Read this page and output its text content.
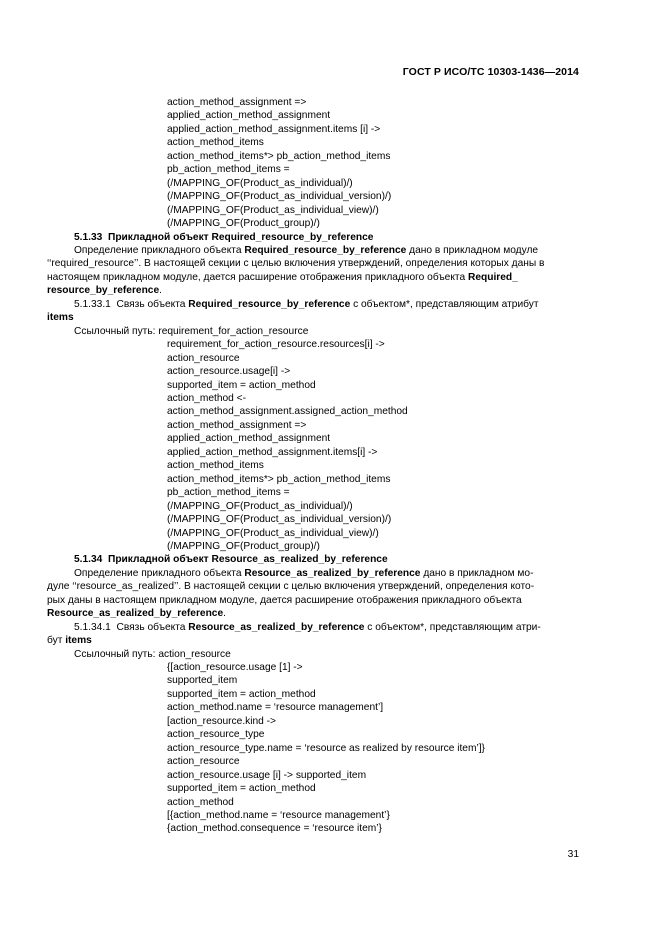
ГОСТ Р ИСО/ТС 10303-1436—2014
action_method_assignment =>
applied_action_method_assignment
applied_action_method_assignment.items [i] ->
action_method_items
action_method_items*> pb_action_method_items
pb_action_method_items =
(/MAPPING_OF(Product_as_individual)/)
(/MAPPING_OF(Product_as_individual_version)/)
(/MAPPING_OF(Product_as_individual_view)/)
(/MAPPING_OF(Product_group)/)
5.1.33 Прикладной объект Required_resource_by_reference
Определение прикладного объекта Required_resource_by_reference дано в прикладном модуле
‘‘required_resource’’. В настоящей секции с целью включения утверждений, определения которых даны в
настоящем прикладном модуле, дается расширение отображения прикладного объекта Required_
resource_by_reference.
5.1.33.1 Связь объекта Required_resource_by_reference с объектом*, представляющим атрибут
items
Ссылочный путь: requirement_for_action_resource
requirement_for_action_resource.resources[i] ->
action_resource
action_resource.usage[i] ->
supported_item = action_method
action_method <-
action_method_assignment.assigned_action_method
action_method_assignment =>
applied_action_method_assignment
applied_action_method_assignment.items[i] ->
action_method_items
action_method_items*> pb_action_method_items
pb_action_method_items =
(/MAPPING_OF(Product_as_individual)/)
(/MAPPING_OF(Product_as_individual_version)/)
(/MAPPING_OF(Product_as_individual_view)/)
(/MAPPING_OF(Product_group)/)
5.1.34 Прикладной объект Resource_as_realized_by_reference
Определение прикладного объекта Resource_as_realized_by_reference дано в прикладном мо-
дуле ‘‘resource_as_realized’’. В настоящей секции с целью включения утверждений, определения кото-
рых даны в настоящем прикладном модуле, дается расширение отображения прикладного объекта
Resource_as_realized_by_reference.
5.1.34.1 Связь объекта Resource_as_realized_by_reference с объектом*, представляющим атри-
бут items
Ссылочный путь: action_resource
{[action_resource.usage [1] ->
supported_item
supported_item = action_method
action_method.name = ‘resource management’]
[action_resource.kind ->
action_resource_type
action_resource_type.name = ‘resource as realized by resource item’]}
action_resource
action_resource.usage [i] -> supported_item
supported_item = action_method
action_method
[{action_method.name = ‘resource management’}
{action_method.consequence = ‘resource item’}
31
